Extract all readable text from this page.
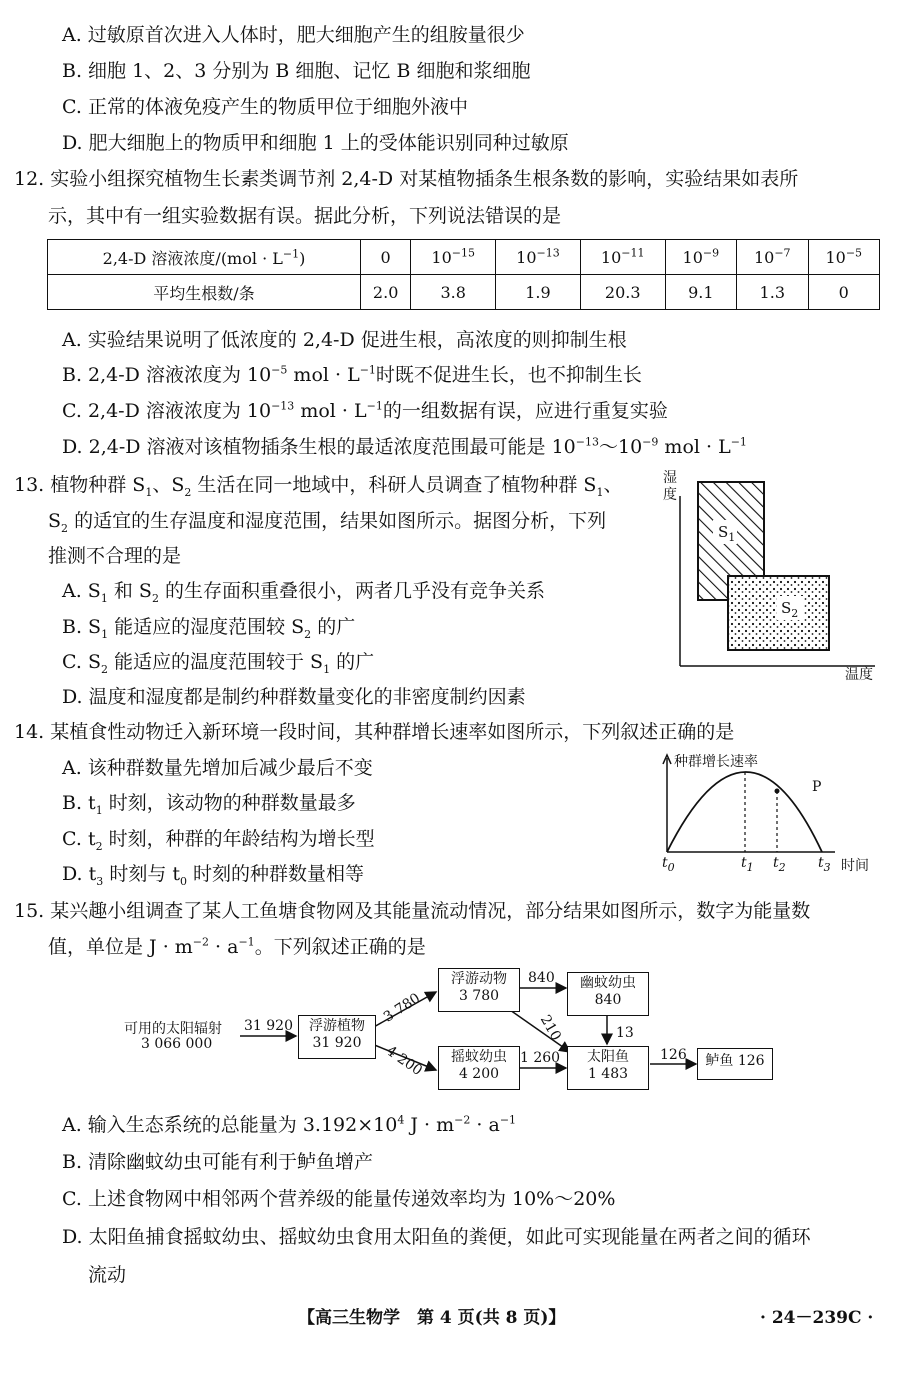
A. 过敏原首次进入人体时，肥大细胞产生的组胺量很少
B. 细胞 1、2、3 分别为 B 细胞、记忆 B 细胞和浆细胞
C. 正常的体液免疫产生的物质甲位于细胞外液中
D. 肥大细胞上的物质甲和细胞 1 上的受体能识别同种过敏原
12. 实验小组探究植物生长素类调节剂 2,4-D 对某植物插条生根条数的影响，实验结果如表所
示，其中有一组实验数据有误。据此分析，下列说法错误的是
2,4-D 溶液浓度$/(mol \cdot L^{-1})$	0	$10^{-15}$	$10^{-13}$	$10^{-11}$	$10^{-9}$	$10^{-7}$	$10^{-5}$
平均生根数/条	2.0	3.8	1.9	20.3	9.1	1.3	0
A. 实验结果说明了低浓度的 2,4-D 促进生根，高浓度的则抑制生根
B. 2,4-D 溶液浓度为 $10^{-5}$ mol · $L^{-1}$时既不促进生长，也不抑制生长
C. 2,4-D 溶液浓度为 $10^{-13}$ mol · $L^{-1}$的一组数据有误，应进行重复实验
D. 2,4-D 溶液对该植物插条生根的最适浓度范围最可能是 $10^{-13}\sim 10^{-9}$ mol · $L^{-1}$
13. 植物种群 $S_1$、$S_2$ 生活在同一地域中，科研人员调查了植物种群 $S_1$、
$S_2$ 的适宜的生存温度和湿度范围，结果如图所示。据图分析，下列
推测不合理的是
A. $S_1$ 和 $S_2$ 的生存面积重叠很小，两者几乎没有竞争关系
B. $S_1$ 能适应的湿度范围较 $S_2$ 的广
C. $S_2$ 能适应的温度范围较于 $S_1$ 的广
D. 温度和湿度都是制约种群数量变化的非密度制约因素
湿度
温度
$S_1$
$S_2$
14. 某植食性动物迁入新环境一段时间，其种群增长速率如图所示，下列叙述正确的是
A. 该种群数量先增加后减少最后不变
B. $t_1$ 时刻，该动物的种群数量最多
C. $t_2$ 时刻，种群的年龄结构为增长型
D. $t_3$ 时刻与 $t_0$ 时刻的种群数量相等
种群增长速率
P
$t_0$	$t_1$ $t_2$ $t_3$ 时间
15. 某兴趣小组调查了某人工鱼塘食物网及其能量流动情况，部分结果如图所示，数字为能量数
值，单位是 $J \cdot m^{-2} \cdot a^{-1}$。下列叙述正确的是
可用的太阳辐射
3 066 000
31 920	浮游植物
31 920
浮游动物
3 780
摇蚊幼虫
4 200
幽蚊幼虫
840
太阳鱼
1 483
鲈鱼 126
3 780
4 200
840
210
1 260
13
126
A. 输入生态系统的总能量为 $3.192\times 10^4$ $J \cdot m^{-2} \cdot a^{-1}$
B. 清除幽蚊幼虫可能有利于鲈鱼增产
C. 上述食物网中相邻两个营养级的能量传递效率均为 10%～20%
D. 太阳鱼捕食摇蚊幼虫、摇蚊幼虫食用太阳鱼的粪便，如此可实现能量在两者之间的循环
流动
【高三生物学　第 4 页(共 8 页)】	· 24－239C ·
